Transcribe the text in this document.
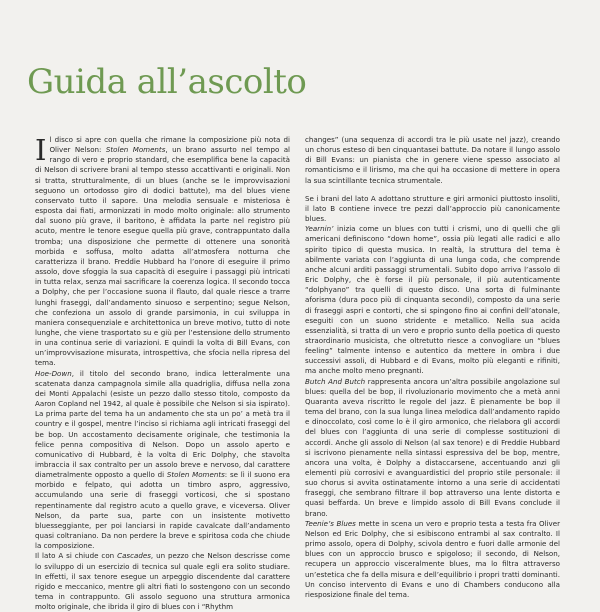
Guida all’ascolto

Il disco si apre con quella che rimane la composizione più nota di Oliver Nelson: Stolen Moments, un brano assurto nel tempo al rango di vero e proprio standard, che esemplifica bene la capacità di Nelson di scrivere brani al tempo stesso accattivanti e originali. Non si tratta, strutturalmente, di un blues (anche se le improvvisazioni seguono un ortodosso giro di dodici battute), ma del blues viene conservato tutto il sapore. Una melodia sensuale e misteriosa è esposta dai fiati, armonizzati in modo molto originale: allo strumento dal suono più grave, il baritono, è affidata la parte nel registro più acuto, mentre le tenore esegue quella più grave, contrappuntato dalla tromba; una disposizione che permette di ottenere una sonorità morbida e soffusa, molto adatta all’atmosfera notturna che caratterizza il brano. Freddie Hubbard ha l’onore di eseguire il primo assolo, dove sfoggia la sua capacità di eseguire i passaggi più intricati in tutta relax, senza mai sacrificare la coerenza logica. Il secondo tocca a Dolphy, che per l’occasione suona il flauto, dal quale riesce a trarre lunghi fraseggi, dall’andamento sinuoso e serpentino; segue Nelson, che confeziona un assolo di grande parsimonia, in cui sviluppa in maniera consequenziale e architettonica un breve motivo, tutto di note lunghe, che viene trasportato su e giù per l’estensione dello strumento in una continua serie di variazioni. E quindi la volta di Bill Evans, con un’improvvisazione misurata, introspettiva, che sfocia nella ripresa del tema.

Hoe-Down, il titolo del secondo brano, indica letteralmente una scatenata danza campagnola simile alla quadriglia, diffusa nella zona dei Monti Appalachi (esiste un pezzo dallo stesso titolo, composto da Aaron Copland nel 1942, al quale è possibile che Nelson si sia ispirato). La prima parte del tema ha un andamento che sta un po’ a metà tra il country e il gospel, mentre l’inciso si richiama agli intricati fraseggi del be bop. Un accostamento decisamente originale, che testimonia la felice penna compositiva di Nelson. Dopo un assolo aperto e comunicativo di Hubbard, è la volta di Eric Dolphy, che stavolta imbraccia il sax contralto per un assolo breve e nervoso, dal carattere diametralmente opposto a quello di Stolen Moments: se lì il suono era morbido e felpato, qui adotta un timbro aspro, aggressivo, accumulando una serie di fraseggi vorticosi, che si spostano repentinamente dal registro acuto a quello grave, e viceversa. Oliver Nelson, da parte sua, parte con un insistente motivetto bluesseggiante, per poi lanciarsi in rapide cavalcate dall’andamento quasi coltraniano. Da non perdere la breve e spiritosa coda che chiude la composizione.

Il lato A si chiude con Cascades, un pezzo che Nelson descrisse come lo sviluppo di un esercizio di tecnica sul quale egli era solito studiare. In effetti, il sax tenore esegue un arpeggio discendente dal carattere rigido e meccanico, mentre gli altri fiati lo sostengono con un secondo tema in contrappunto. Gli assolo seguono una struttura armonica molto originale, che ibrida il giro di blues con i “Rhythm

changes” (una sequenza di accordi tra le più usate nel jazz), creando un chorus esteso di ben cinquantasei battute. Da notare il lungo assolo di Bill Evans: un pianista che in genere viene spesso associato al romanticismo e il lirismo, ma che qui ha occasione di mettere in opera la sua scintillante tecnica strumentale.

Se i brani del lato A adottano strutture e giri armonici piuttosto insoliti, il lato B contiene invece tre pezzi dall’approccio più canonicamente blues.

Yearnin’ inizia come un blues con tutti i crismi, uno di quelli che gli americani definiscono “down home”, ossia più legati alle radici e allo spirito tipico di questa musica. In realtà, la struttura del tema è abilmente variata con l’aggiunta di una lunga coda, che comprende anche alcuni arditi passaggi strumentali. Subito dopo arriva l’assolo di Eric Dolphy, che è forse il più personale, il più autenticamente “dolphyano” tra quelli di questo disco. Una sorta di fulminante aforisma (dura poco più di cinquanta secondi), composto da una serie di fraseggi aspri e contorti, che si spingono fino ai confini dell’atonale, eseguiti con un suono stridente e metallico. Nella sua acida essenzialità, si tratta di un vero e proprio sunto della poetica di questo straordinario musicista, che oltretutto riesce a convogliare un “blues feeling” talmente intenso e autentico da mettere in ombra i due successivi assoli, di Hubbard e di Evans, molto più eleganti e rifiniti, ma anche molto meno pregnanti.

Butch And Butch rappresenta ancora un’altra possibile angolazione sul blues: quella del be bop, il rivoluzionario movimento che a metà anni Quaranta aveva riscritto le regole del jazz. È pienamente be bop il tema del brano, con la sua lunga linea melodica dall’andamento rapido e dinoccolato, così come lo è il giro armonico, che rielabora gli accordi del blues con l’aggiunta di una serie di complesse sostituzioni di accordi. Anche gli assolo di Nelson (al sax tenore) e di Freddie Hubbard si iscrivono pienamente nella sintassi espressiva del be bop, mentre, ancora una volta, è Dolphy a distaccarsene, accentuando anzi gli elementi più corrosivi e avanguardistici del proprio stile personale: il suo chorus si avvita ostinatamente intorno a una serie di accidentati fraseggi, che sembrano filtrare il bop attraverso una lente distorta e quasi beffarda. Un breve e limpido assolo di Bill Evans conclude il brano.

Teenie’s Blues mette in scena un vero e proprio testa a testa fra Oliver Nelson ed Eric Dolphy, che si esibiscono entrambi al sax contralto. Il primo assolo, opera di Dolphy, scivola dentro e fuori dalle armonie del blues con un approccio brusco e spigoloso; il secondo, di Nelson, recupera un approccio visceralmente blues, ma lo filtra attraverso un’estetica che fa della misura e dell’equilibrio i propri tratti dominanti. Un conciso intervento di Evans e uno di Chambers conducono alla riesposizione finale del tema.
